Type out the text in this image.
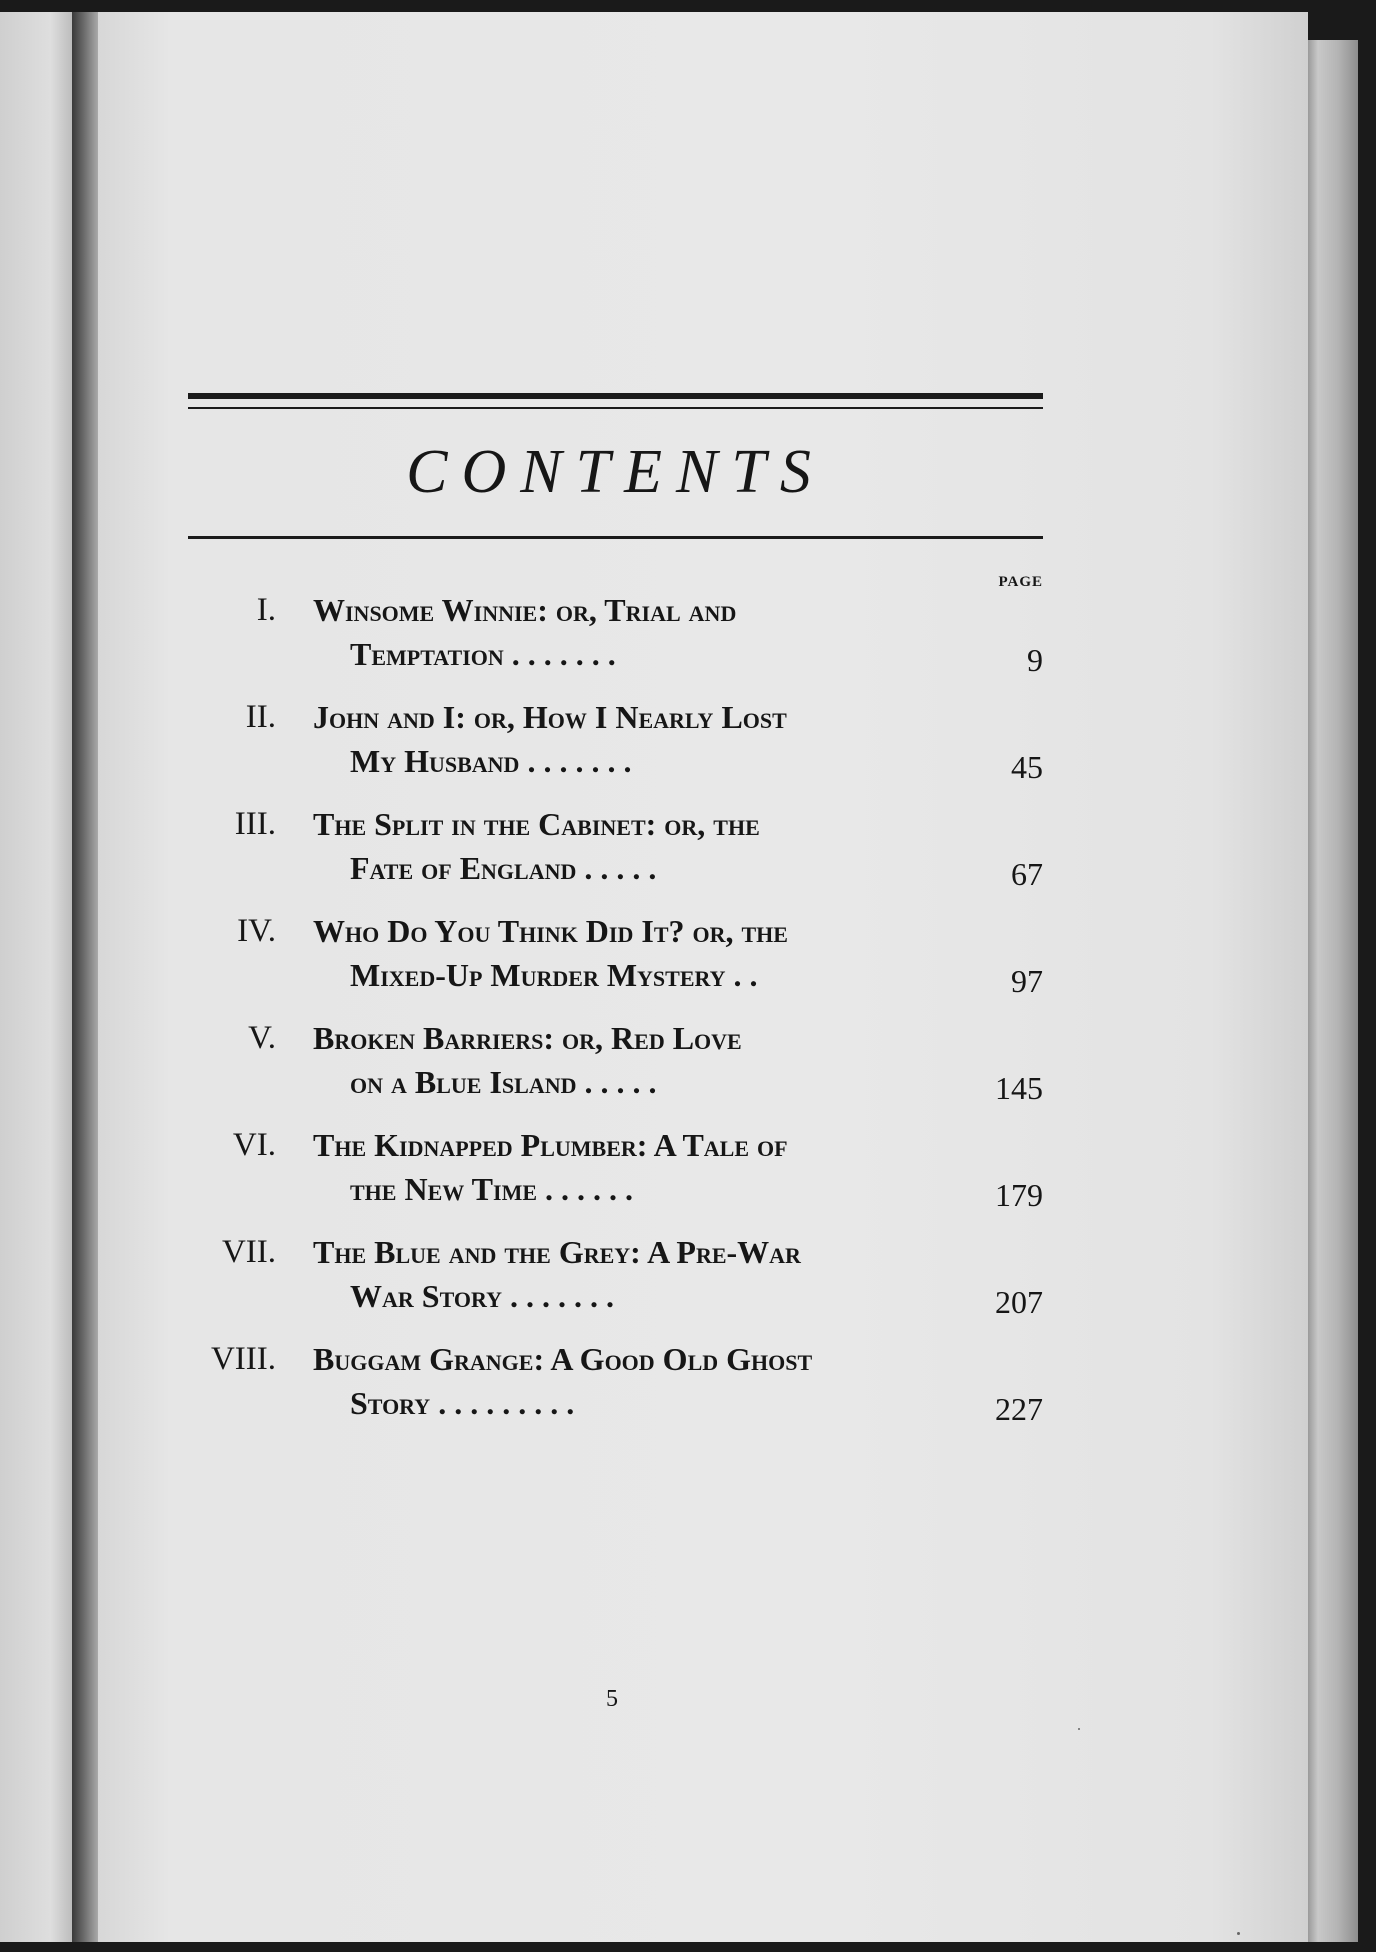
CONTENTS
PAGE
I. Winsome Winnie: or, Trial and
Temptation . . . . . . .	9
II. John and I: or, How I Nearly Lost
My Husband . . . . . . .	45
III. The Split in the Cabinet: or, the
Fate of England . . . . .	67
IV. Who Do You Think Did It? or, the
Mixed-Up Murder Mystery . .	97
V. Broken Barriers: or, Red Love
on a Blue Island . . . . .	145
VI. The Kidnapped Plumber: A Tale of
the New Time . . . . . .	179
VII. The Blue and the Grey: A Pre-War
War Story . . . . . . .	207
VIII. Buggam Grange: A Good Old Ghost
Story . . . . . . . . .	227
5
